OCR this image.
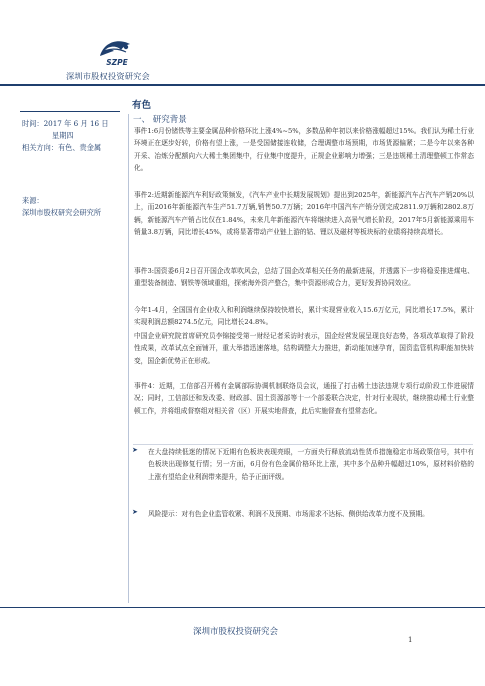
SZPE
深圳市股权投资研究会
有色
时间：2017 年 6 月 16 日
星期四
相关方向：有色、贵金属
来源：
深圳市股权研究会研究所
一、 研究背景

事件1:6月份锗铁等主要金属品种价格环比上涨4%~5%，多数品种年初以来价格涨幅超过15%。我们认为稀土行业环境正在逐步好转，价格有望上涨，一是受国储接连收储，合理调整市场预期，市场货源偏紧；二是今年以来各种开采、冶炼分配额向六大稀土集团集中，行业集中度提升，正规企业影响力增强；三是违规稀土清理整顿工作常态化。

事件2:近期新能源汽车利好政策频发，《汽车产业中长期发展规划》提出到2025年，新能源汽车占汽车产销20%以上，而2016年新能源汽车生产51.7万辆,销售50.7万辆；2016年中国汽车产销分别完成2811.9万辆和2802.8万辆，新能源汽车产销占比仅在1.84%，未来几年新能源汽车将继续进入高景气增长阶段，2017年5月新能源乘用车销量3.8万辆，同比增长45%，或将显著带动产业链上游的钴、锂以及磁材等板块标的业绩将持续高增长。

事件3:国资委6月2日召开国企改革吹风会，总结了国企改革相关任务的最新进展，并透露下一步将稳妥推进煤电、重型装备制造、钢铁等领域重组，探索海外资产整合，集中资源形成合力，更好发挥协同效应。

今年1-4月，全国国有企业收入和利润继续保持较快增长，累计实现营业收入15.6万亿元，同比增长17.5%，累计实现利润总额8274.5亿元，同比增长24.8%。

中国企业研究院首席研究员李锦接受第一财经记者采访时表示，国企经营发展呈现良好态势，各项改革取得了阶段性成果，改革试点全面铺开，重大举措迅速落地，结构调整大力推进，新动能加速孕育，国资监管机构职能加快转变，国企新优势正在形成。

事件4：近期，工信部召开稀有金属部际协调机制联络员会议，通报了打击稀土违法违规专项行动阶段工作进展情况；同时，工信部还和发改委、财政部、国土资源部等十一个部委联合决定，针对行业现状，继续推动稀土行业整顿工作，并将组成督察组对相关省（区）开展实地督查，此后实施督查有望常态化。

➤ 在大盘持续低迷的情况下近期有色板块表现亮眼，一方面央行释放流动性货币措施稳定市场政策信号，其中有色板块出现修复行情；另一方面，6月份有色金属价格环比上涨，其中多个品种升幅超过10%，原材料价格的上涨有望给企业利润带来提升，给予正面评级。

➤ 风险提示：对有色企业监管收紧、利润不及预期、市场需求不达标、侧供给改革力度不及预期。

深圳市股权投资研究会
1
